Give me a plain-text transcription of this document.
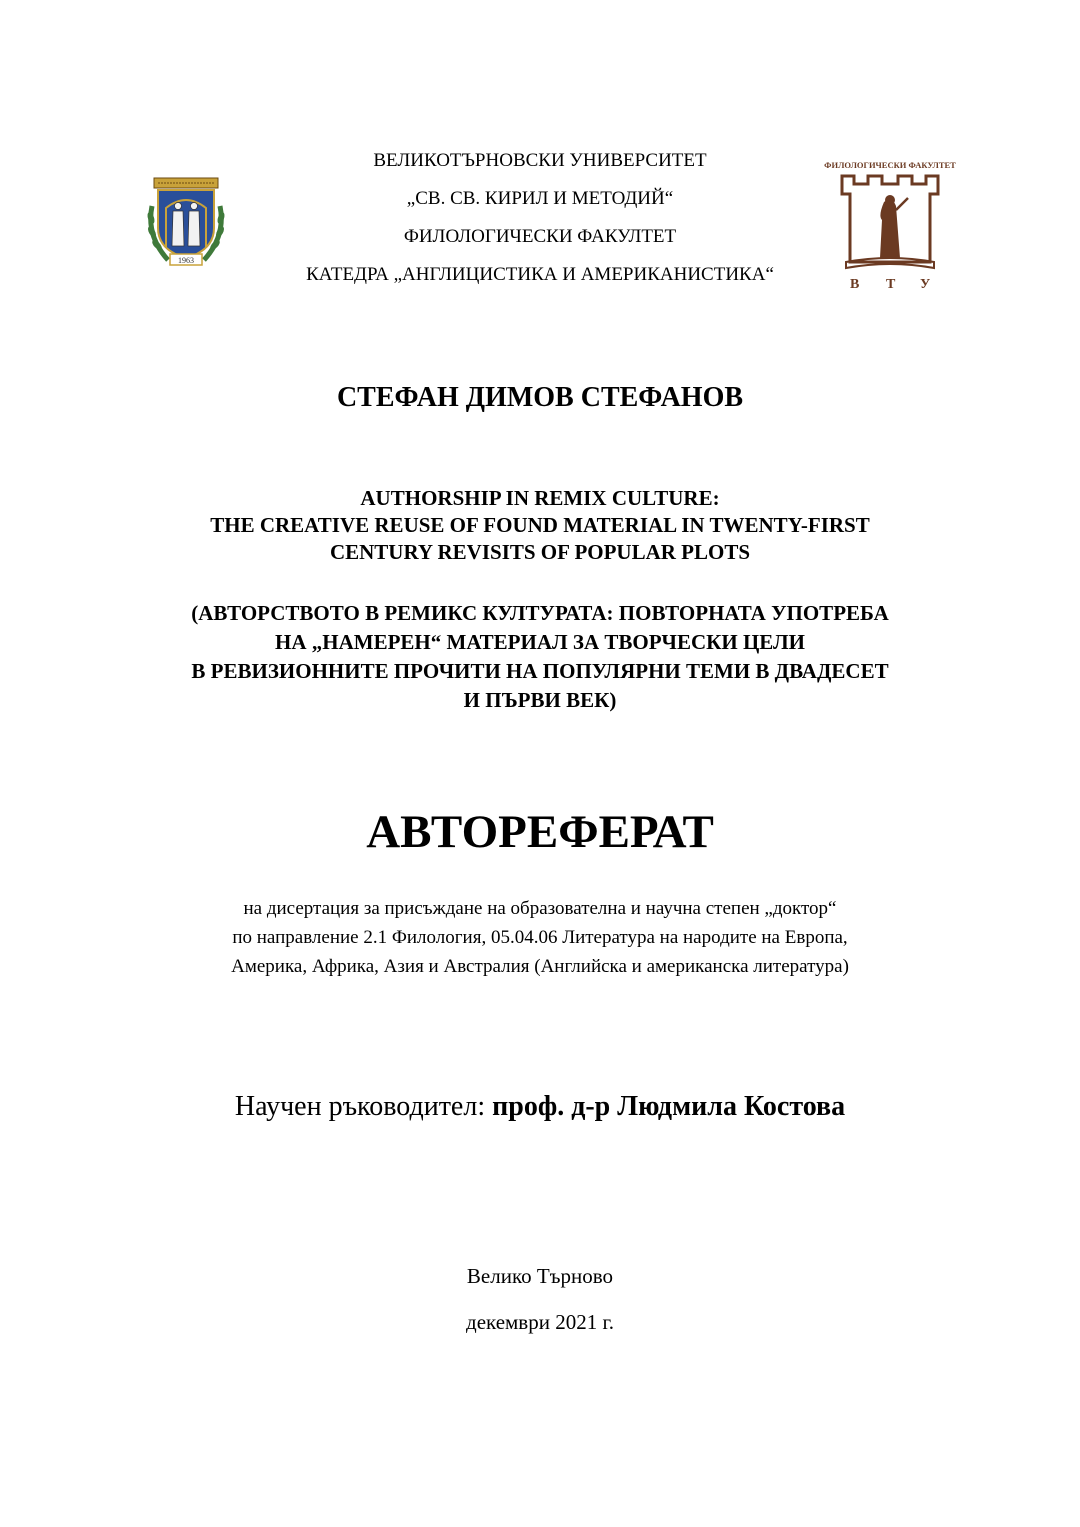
1963
ВЕЛИКОТЪРНОВСКИ УНИВЕРСИТЕТ
„СВ. СВ. КИРИЛ И МЕТОДИЙ“
ФИЛОЛОГИЧЕСКИ ФАКУЛТЕТ
КАТЕДРА „АНГЛИЦИСТИКА И АМЕРИКАНИСТИКА“
ФИЛОЛОГИЧЕСКИ ФАКУЛТЕТ
В Т У
СТЕФАН ДИМОВ СТЕФАНОВ
AUTHORSHIP IN REMIX CULTURE:
THE CREATIVE REUSE OF FOUND MATERIAL IN TWENTY-FIRST
CENTURY REVISITS OF POPULAR PLOTS
(АВТОРСТВОТО В РЕМИКС КУЛТУРАТА: ПОВТОРНАТА УПОТРЕБА
НА „НАМЕРЕН“ МАТЕРИАЛ ЗА ТВОРЧЕСКИ ЦЕЛИ
В РЕВИЗИОННИТЕ ПРОЧИТИ НА ПОПУЛЯРНИ ТЕМИ В ДВАДЕСЕТ
И ПЪРВИ ВЕК)
АВТОРЕФЕРАТ
на дисертация за присъждане на образователна и научна степен „доктор“
по направление 2.1 Филология, 05.04.06 Литература на народите на Европа,
Америка, Африка, Азия и Австралия (Английска и американска литература)
Научен ръководител: проф. д-р Людмила Костова
Велико Търново
декември 2021 г.
